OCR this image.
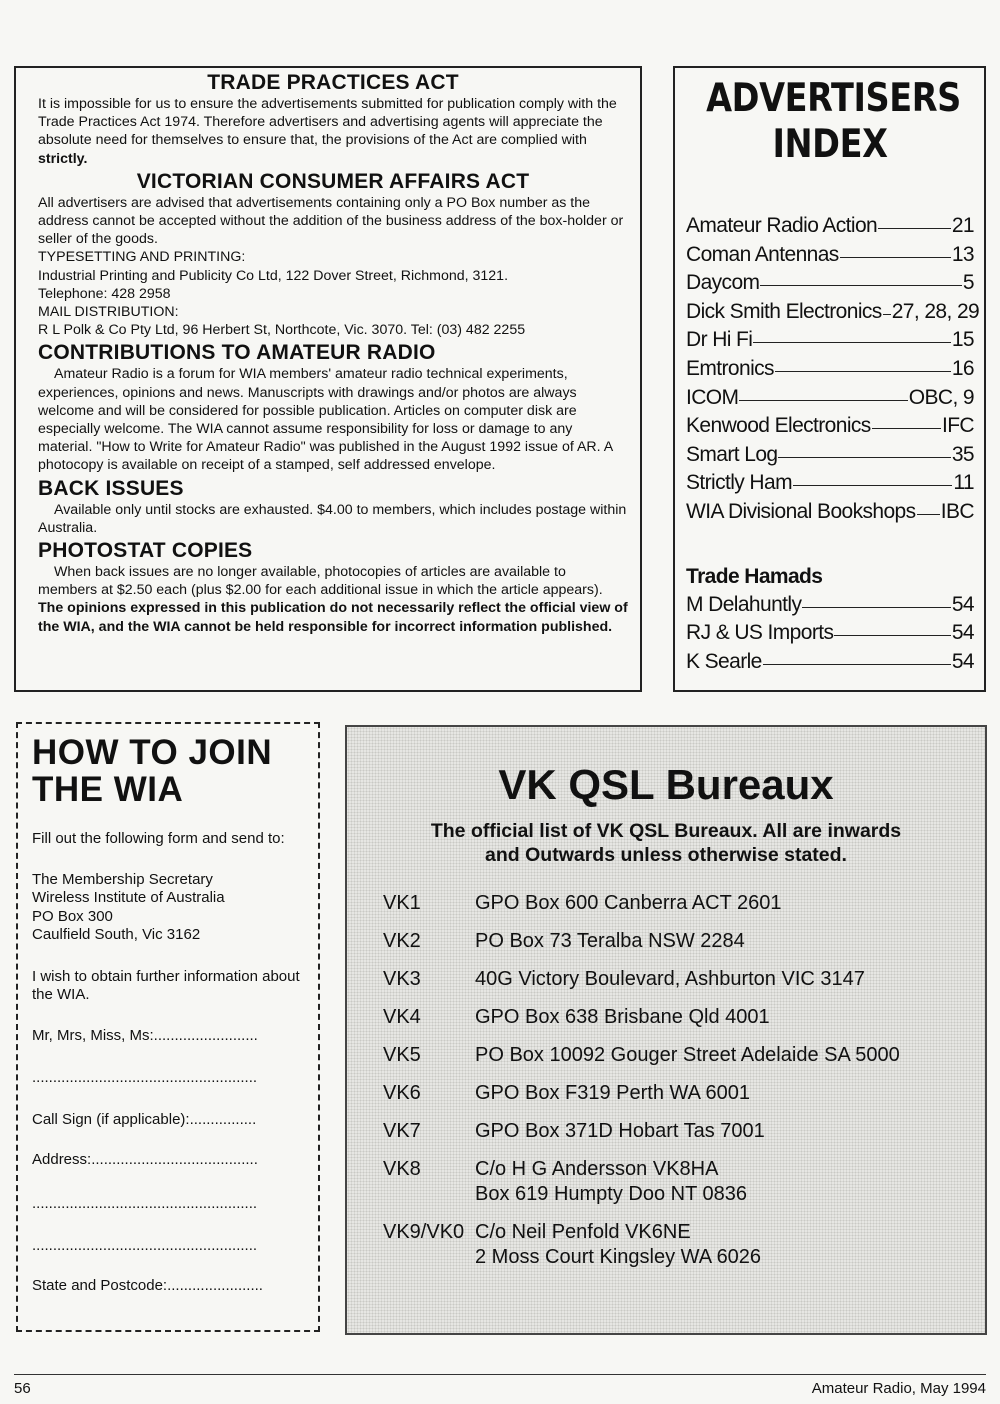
TRADE PRACTICES ACT

It is impossible for us to ensure the advertisements submitted for publication comply with the Trade Practices Act 1974. Therefore advertisers and advertising agents will appreciate the absolute need for themselves to ensure that, the provisions of the Act are complied with strictly.

VICTORIAN CONSUMER AFFAIRS ACT

All advertisers are advised that advertisements containing only a PO Box number as the address cannot be accepted without the addition of the business address of the box-holder or seller of the goods.

TYPESETTING AND PRINTING:

Industrial Printing and Publicity Co Ltd, 122 Dover Street, Richmond, 3121.

Telephone: 428 2958

MAIL DISTRIBUTION:

R L Polk & Co Pty Ltd, 96 Herbert St, Northcote, Vic. 3070. Tel: (03) 482 2255

CONTRIBUTIONS TO AMATEUR RADIO

Amateur Radio is a forum for WIA members' amateur radio technical experiments, experiences, opinions and news. Manuscripts with drawings and/or photos are always welcome and will be considered for possible publication. Articles on computer disk are especially welcome. The WIA cannot assume responsibility for loss or damage to any material. "How to Write for Amateur Radio" was published in the August 1992 issue of AR. A photocopy is available on receipt of a stamped, self addressed envelope.

BACK ISSUES

Available only until stocks are exhausted. $4.00 to members, which includes postage within Australia.

PHOTOSTAT COPIES

When back issues are no longer available, photocopies of articles are available to members at $2.50 each (plus $2.00 for each additional issue in which the article appears).

The opinions expressed in this publication do not necessarily reflect the official view of the WIA, and the WIA cannot be held responsible for incorrect information published.

ADVERTISERS
INDEX
Amateur Radio Action	21
Coman Antennas	13
Daycom	5
Dick Smith Electronics 27, 28, 29
Dr Hi Fi	15
Emtronics	16
ICOM	OBC, 9
Kenwood Electronics	IFC
Smart Log	35
Strictly Ham	11
WIA Divisional Bookshops IBC
Trade Hamads
M Delahuntly	54
RJ & US Imports	54
K Searle	54
HOW TO JOIN
THE WIA

Fill out the following form and send to:

The Membership Secretary

Wireless Institute of Australia

PO Box 300

Caulfield South, Vic 3162

I wish to obtain further information about the WIA.

Mr, Mrs, Miss, Ms:.........................

......................................................

Call Sign (if applicable):................

Address:........................................

......................................................

......................................................

State and Postcode:.......................

VK QSL Bureaux
The official list of VK QSL Bureaux. All are inwards
and Outwards unless otherwise stated.
VK1	GPO Box 600 Canberra ACT 2601
VK2	PO Box 73 Teralba NSW 2284
VK3	40G Victory Boulevard, Ashburton VIC 3147
VK4	GPO Box 638 Brisbane Qld 4001
VK5	PO Box 10092 Gouger Street Adelaide SA 5000
VK6	GPO Box F319 Perth WA 6001
VK7	GPO Box 371D Hobart Tas 7001
VK8	C/o H G Andersson VK8HA
Box 619 Humpty Doo NT 0836
VK9/VK0 C/o Neil Penfold VK6NE
2 Moss Court Kingsley WA 6026
56	Amateur Radio, May 1994
